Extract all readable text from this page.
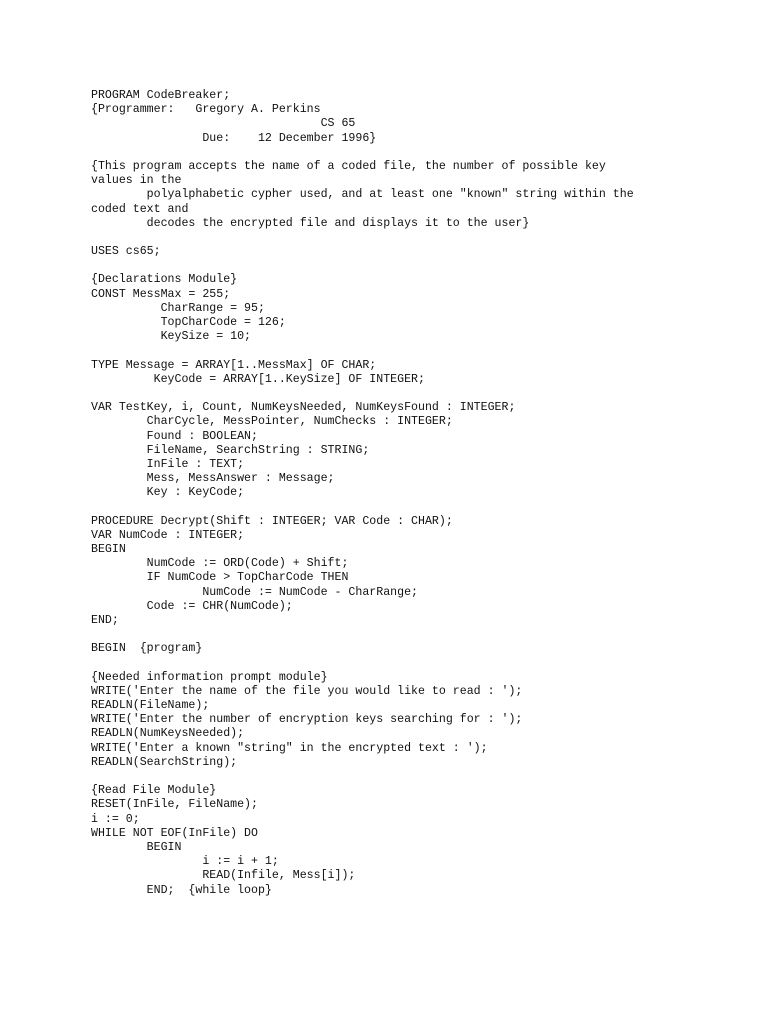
PROGRAM CodeBreaker;
{Programmer:   Gregory A. Perkins
CS 65
Due:    12 December 1996}
{This program accepts the name of a coded file, the number of possible key
values in the
polyalphabetic cypher used, and at least one "known" string within the
coded text and
decodes the encrypted file and displays it to the user}
USES cs65;
{Declarations Module}
CONST MessMax = 255;
CharRange = 95;
TopCharCode = 126;
KeySize = 10;
TYPE Message = ARRAY[1..MessMax] OF CHAR;
KeyCode = ARRAY[1..KeySize] OF INTEGER;
VAR TestKey, i, Count, NumKeysNeeded, NumKeysFound : INTEGER;
CharCycle, MessPointer, NumChecks : INTEGER;
Found : BOOLEAN;
FileName, SearchString : STRING;
InFile : TEXT;
Mess, MessAnswer : Message;
Key : KeyCode;
PROCEDURE Decrypt(Shift : INTEGER; VAR Code : CHAR);
VAR NumCode : INTEGER;
BEGIN
NumCode := ORD(Code) + Shift;
IF NumCode > TopCharCode THEN
NumCode := NumCode - CharRange;
Code := CHR(NumCode);
END;
BEGIN  {program}
{Needed information prompt module}
WRITE('Enter the name of the file you would like to read : ');
READLN(FileName);
WRITE('Enter the number of encryption keys searching for : ');
READLN(NumKeysNeeded);
WRITE('Enter a known "string" in the encrypted text : ');
READLN(SearchString);
{Read File Module}
RESET(InFile, FileName);
i := 0;
WHILE NOT EOF(InFile) DO
BEGIN
i := i + 1;
READ(Infile, Mess[i]);
END;  {while loop}
